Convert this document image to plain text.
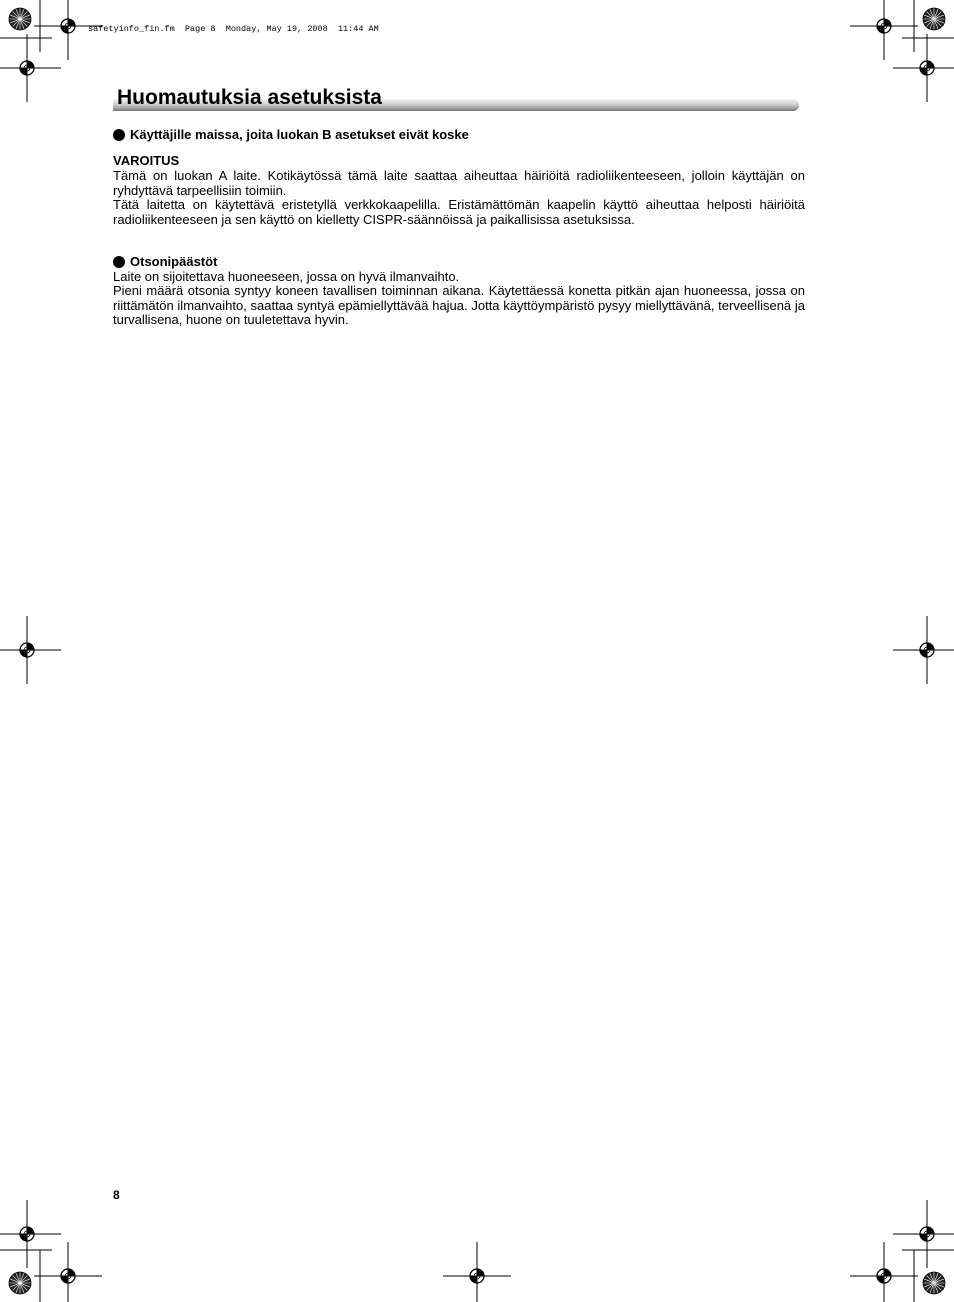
safetyinfo_fin.fm  Page 8  Monday, May 19, 2008  11:44 AM
Huomautuksia asetuksista

Käyttäjille maissa, joita luokan B asetukset eivät koske

VAROITUS

Tämä on luokan A laite. Kotikäytössä tämä laite saattaa aiheuttaa häiriöitä radioliikenteeseen, jolloin käyttäjän on ryhdyttävä tarpeellisiin toimiin.

Tätä laitetta on käytettävä eristetyllä verkkokaapelilla. Eristämättömän kaapelin käyttö aiheuttaa helposti häiriöitä radioliikenteeseen ja sen käyttö on kielletty CISPR-säännöissä ja paikallisissa asetuksissa.

Otsonipäästöt

Laite on sijoitettava huoneeseen, jossa on hyvä ilmanvaihto.

Pieni määrä otsonia syntyy koneen tavallisen toiminnan aikana. Käytettäessä konetta pitkän ajan huoneessa, jossa on riittämätön ilmanvaihto, saattaa syntyä epämiellyttävää hajua. Jotta käyttöympäristö pysyy miellyttävänä, terveellisenä ja turvallisena, huone on tuuletettava hyvin.

8
